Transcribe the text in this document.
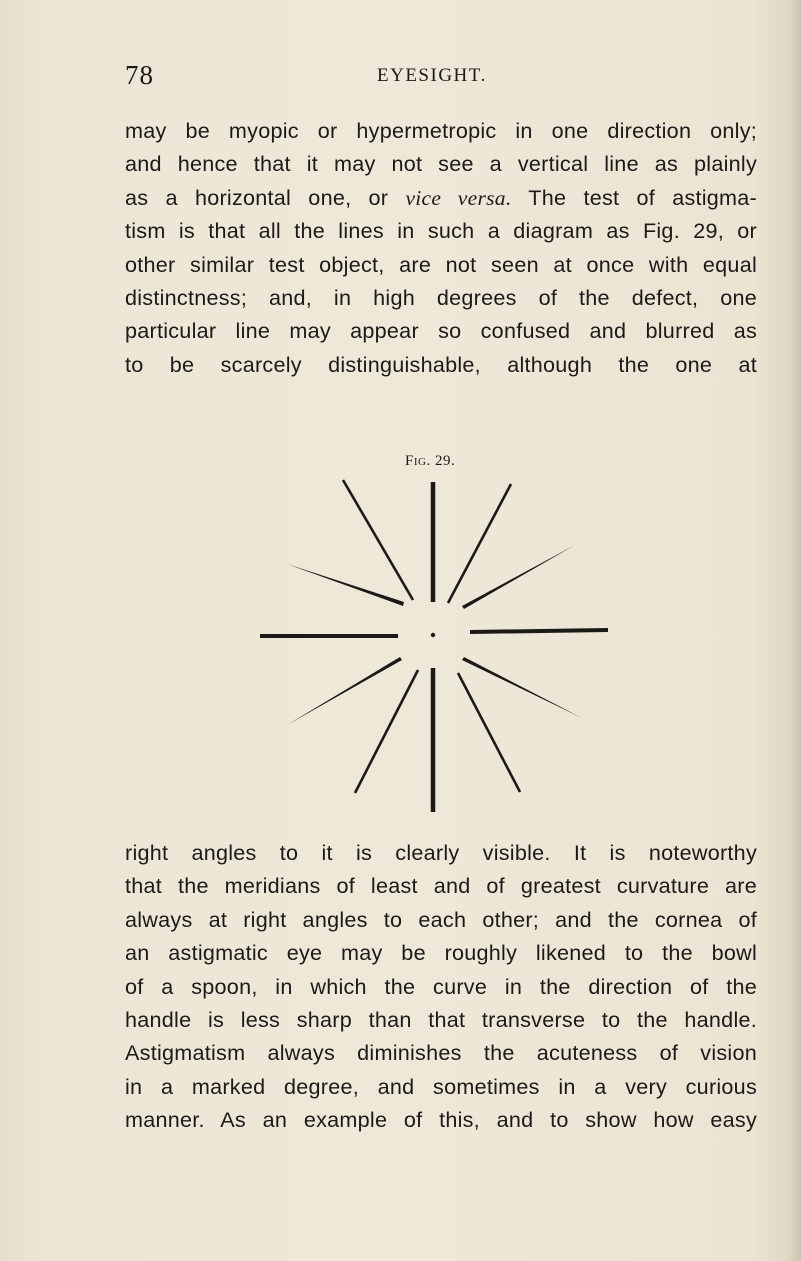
78	EYESIGHT.
may be myopic or hypermetropic in one direction only;
and hence that it may not see a vertical line as plainly
as a horizontal one, or vice versa. The test of astigma-
tism is that all the lines in such a diagram as Fig. 29, or
other similar test object, are not seen at once with equal
distinctness; and, in high degrees of the defect, one
particular line may appear so confused and blurred as
to be scarcely distinguishable, although the one at
Fig. 29.
right angles to it is clearly visible. It is noteworthy
that the meridians of least and of greatest curvature are
always at right angles to each other; and the cornea of
an astigmatic eye may be roughly likened to the bowl
of a spoon, in which the curve in the direction of the
handle is less sharp than that transverse to the handle.
Astigmatism always diminishes the acuteness of vision
in a marked degree, and sometimes in a very curious
manner. As an example of this, and to show how easy
